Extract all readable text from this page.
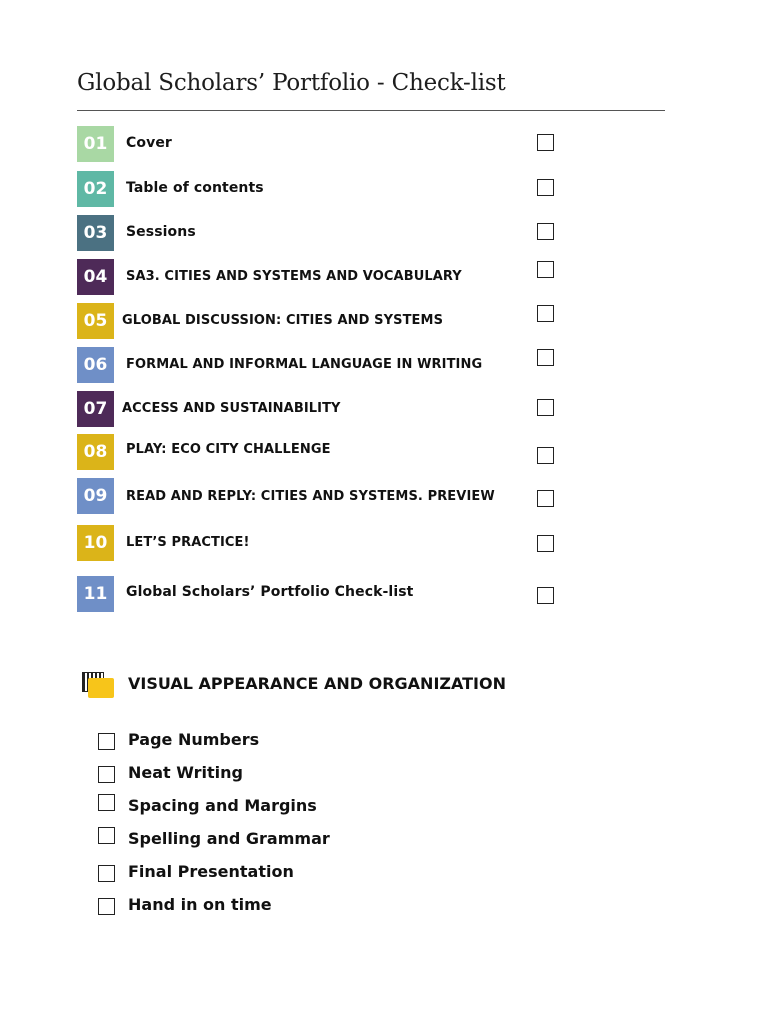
Global Scholars’ Portfolio - Check-list
01	Cover
02	Table of contents
03	Sessions
04	SA3. CITIES AND SYSTEMS AND VOCABULARY
05	GLOBAL DISCUSSION: CITIES AND SYSTEMS
06	FORMAL AND INFORMAL LANGUAGE IN WRITING
07	ACCESS AND SUSTAINABILITY
08	PLAY: ECO CITY CHALLENGE
09	READ AND REPLY: CITIES AND SYSTEMS. PREVIEW
10	LET’S PRACTICE!
11	Global Scholars’ Portfolio Check-list
VISUAL APPEARANCE AND ORGANIZATION
Page Numbers
Neat Writing
Spacing and Margins
Spelling and Grammar
Final Presentation
Hand in on time
